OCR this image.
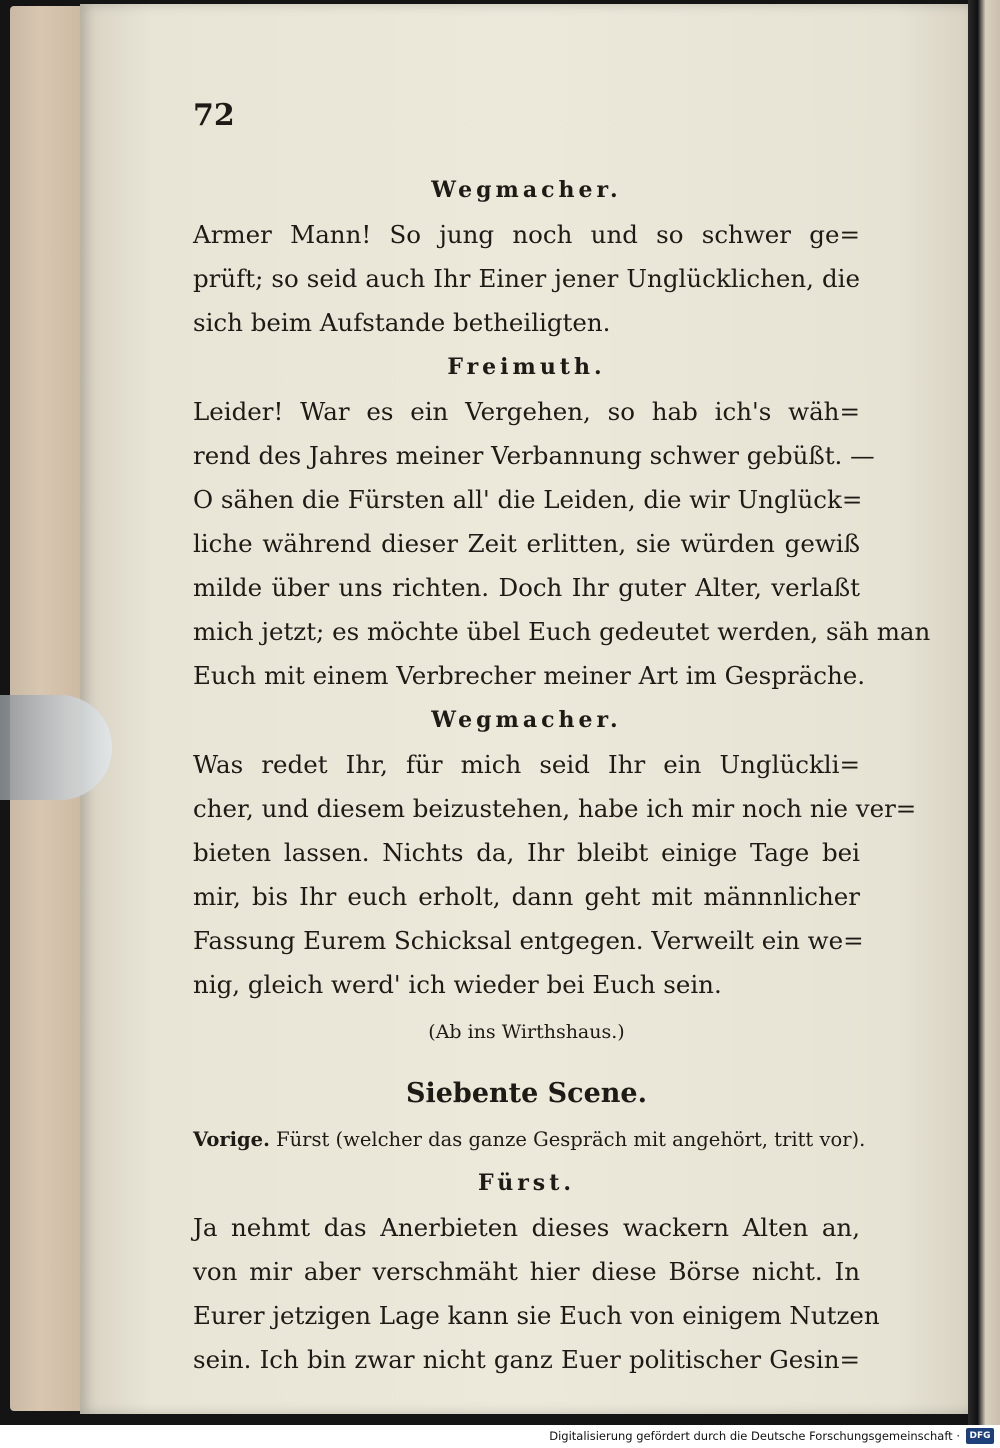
72
Wegmacher.
Armer Mann! So jung noch und so schwer ge=
prüft; so seid auch Ihr Einer jener Unglücklichen, die
sich beim Aufstande betheiligten.
Freimuth.
Leider! War es ein Vergehen, so hab ich's wäh=
rend des Jahres meiner Verbannung schwer gebüßt. —
O sähen die Fürsten all' die Leiden, die wir Unglück=
liche während dieser Zeit erlitten, sie würden gewiß
milde über uns richten. Doch Ihr guter Alter, verlaßt
mich jetzt; es möchte übel Euch gedeutet werden, säh man
Euch mit einem Verbrecher meiner Art im Gespräche.
Wegmacher.
Was redet Ihr, für mich seid Ihr ein Unglückli=
cher, und diesem beizustehen, habe ich mir noch nie ver=
bieten lassen. Nichts da, Ihr bleibt einige Tage bei
mir, bis Ihr euch erholt, dann geht mit männnlicher
Fassung Eurem Schicksal entgegen. Verweilt ein we=
nig, gleich werd' ich wieder bei Euch sein.
(Ab ins Wirthshaus.)
Siebente Scene.
Vorige. Fürst (welcher das ganze Gespräch mit angehört, tritt vor).
Fürst.
Ja nehmt das Anerbieten dieses wackern Alten an,
von mir aber verschmäht hier diese Börse nicht. In
Eurer jetzigen Lage kann sie Euch von einigem Nutzen
sein. Ich bin zwar nicht ganz Euer politischer Gesin=
Digitalisierung gefördert durch die Deutsche Forschungsgemeinschaft ·	DFG
